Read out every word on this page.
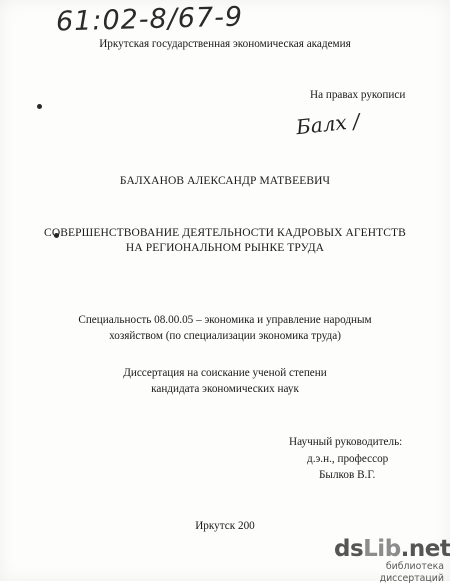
61:02-8/67-9
Иркутская государственная экономическая академия
На правах рукописи
Балх /
БАЛХАНОВ АЛЕКСАНДР МАТВЕЕВИЧ
СОВЕРШЕНСТВОВАНИЕ ДЕЯТЕЛЬНОСТИ КАДРОВЫХ АГЕНТСТВ
НА РЕГИОНАЛЬНОМ РЫНКЕ ТРУДА
Специальность 08.00.05 – экономика и управление народным
хозяйством (по специализации экономика труда)
Диссертация на соискание ученой степени
кандидата экономических наук
Научный руководитель:
д.э.н., профессор
Былков В.Г.
Иркутск 200
dsLib.net
библиотека диссертаций
